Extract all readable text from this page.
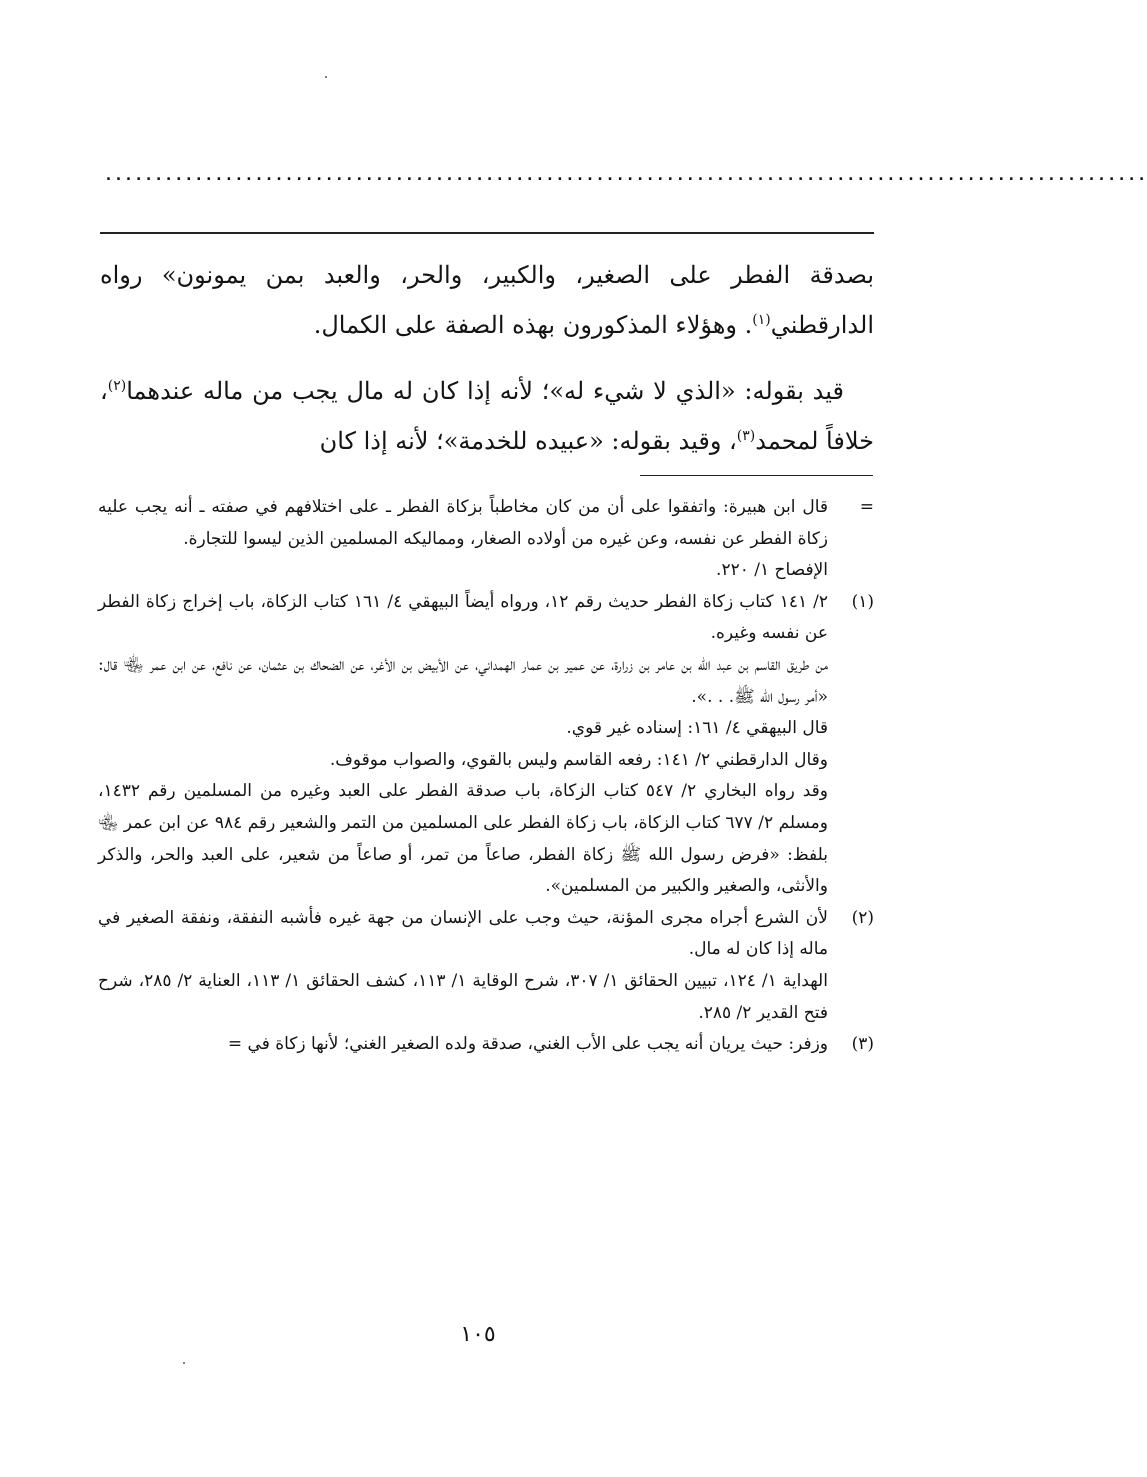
........................................................................................................

بصدقة الفطر على الصغير، والكبير، والحر، والعبد بمن يمونون» رواه الدارقطني$^{(١)}$. وهؤلاء المذكورون بهذه الصفة على الكمال.

قيد بقوله: «الذي لا شيء له»؛ لأنه إذا كان له مال يجب من ماله عندهما$^{(٢)}$، خلافاً لمحمد$^{(٣)}$، وقيد بقوله: «عبيده للخدمة»؛ لأنه إذا كان

=

قال ابن هبيرة: واتفقوا على أن من كان مخاطباً بزكاة الفطر ـ على اختلافهم في صفته ـ أنه يجب عليه زكاة الفطر عن نفسه، وعن غيره من أولاده الصغار، ومماليكه المسلمين الذين ليسوا للتجارة.

الإفصاح ١/ ٢٢٠.

(١)

٢/ ١٤١ كتاب زكاة الفطر حديث رقم ١٢، ورواه أيضاً البيهقي ٤/ ١٦١ كتاب الزكاة، باب إخراج زكاة الفطر عن نفسه وغيره.

من طريق القاسم بن عبد الله بن عامر بن زرارة، عن عمير بن عمار الهمداني، عن الأبيض بن الأغر، عن الضحاك بن عثمان، عن نافع، عن ابن عمر ﵄ قال: «أمر رسول الله ﷺ. . .».

قال البيهقي ٤/ ١٦١: إسناده غير قوي.

وقال الدارقطني ٢/ ١٤١: رفعه القاسم وليس بالقوي، والصواب موقوف.

وقد رواه البخاري ٢/ ٥٤٧ كتاب الزكاة، باب صدقة الفطر على العبد وغيره من المسلمين رقم ١٤٣٢، ومسلم ٢/ ٦٧٧ كتاب الزكاة، باب زكاة الفطر على المسلمين من التمر والشعير رقم ٩٨٤ عن ابن عمر ﵄ بلفظ: «فرض رسول الله ﷺ زكاة الفطر، صاعاً من تمر، أو صاعاً من شعير، على العبد والحر، والذكر والأنثى، والصغير والكبير من المسلمين».

(٢)

لأن الشرع أجراه مجرى المؤنة، حيث وجب على الإنسان من جهة غيره فأشبه النفقة، ونفقة الصغير في ماله إذا كان له مال.

الهداية ١/ ١٢٤، تبيين الحقائق ١/ ٣٠٧، شرح الوقاية ١/ ١١٣، كشف الحقائق ١/ ١١٣، العناية ٢/ ٢٨٥، شرح فتح القدير ٢/ ٢٨٥.

(٣)

وزفر: حيث يريان أنه يجب على الأب الغني، صدقة ولده الصغير الغني؛ لأنها زكاة في =

١٠٥
